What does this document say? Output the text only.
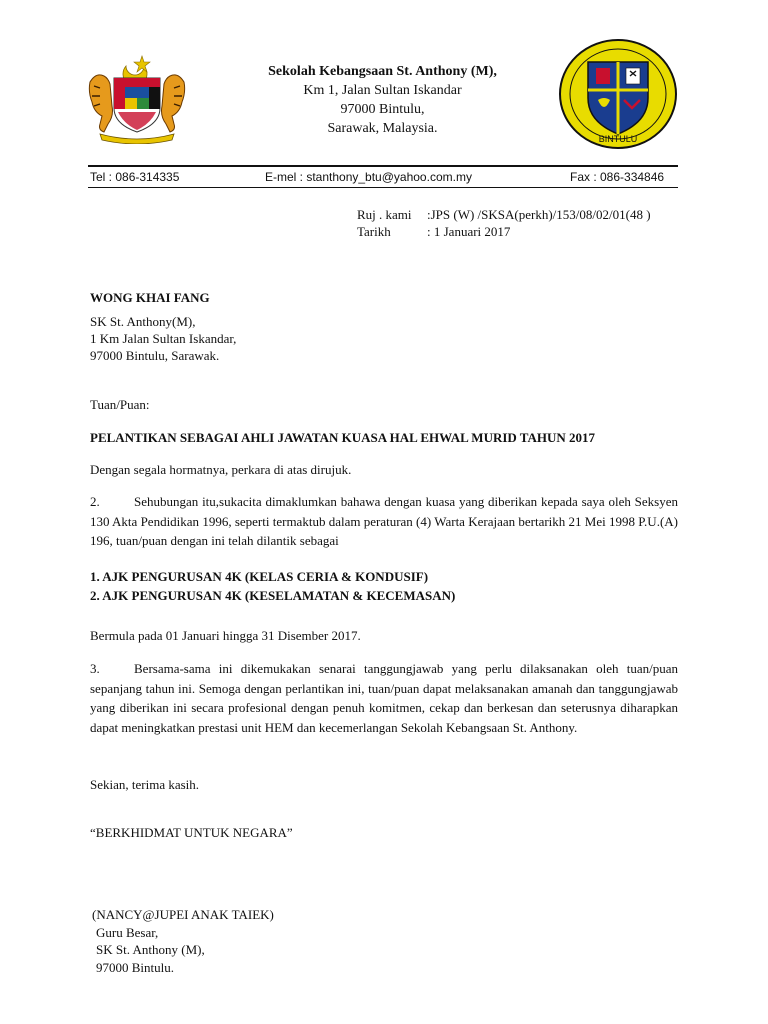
Sekolah Kebangsaan St. Anthony (M),
Km 1, Jalan Sultan Iskandar
97000 Bintulu,
Sarawak, Malaysia.
BINTULU
Tel : 086-314335	E-mel : stanthony_btu@yahoo.com.my	Fax : 086-334846
Ruj . kami :JPS (W) /SKSA(perkh)/153/08/02/01(48 )
Tarikh	: 1 Januari 2017
WONG KHAI FANG
SK St. Anthony(M),
1 Km Jalan Sultan Iskandar,
97000 Bintulu, Sarawak.
Tuan/Puan:
PELANTIKAN SEBAGAI AHLI JAWATAN KUASA HAL EHWAL MURID TAHUN 2017
Dengan segala hormatnya, perkara di atas dirujuk.
2.	Sehubungan itu,sukacita dimaklumkan bahawa dengan kuasa yang diberikan kepada saya oleh Seksyen 130 Akta Pendidikan 1996, seperti termaktub dalam peraturan (4) Warta Kerajaan bertarikh 21 Mei 1998 P.U.(A) 196, tuan/puan dengan ini telah dilantik sebagai
1. AJK PENGURUSAN 4K (KELAS CERIA & KONDUSIF)
2. AJK PENGURUSAN 4K (KESELAMATAN & KECEMASAN)
Bermula pada 01 Januari hingga 31 Disember 2017.
3.	Bersama-sama ini dikemukakan senarai tanggungjawab yang perlu dilaksanakan oleh tuan/puan sepanjang tahun ini. Semoga dengan perlantikan ini, tuan/puan dapat melaksanakan amanah dan tanggungjawab yang diberikan ini secara profesional dengan penuh komitmen, cekap dan berkesan dan seterusnya diharapkan dapat meningkatkan prestasi unit HEM dan kecemerlangan Sekolah Kebangsaan St. Anthony.
Sekian, terima kasih.
“BERKHIDMAT UNTUK NEGARA”
(NANCY@JUPEI ANAK TAIEK)
Guru Besar,
SK St. Anthony (M),
97000 Bintulu.
